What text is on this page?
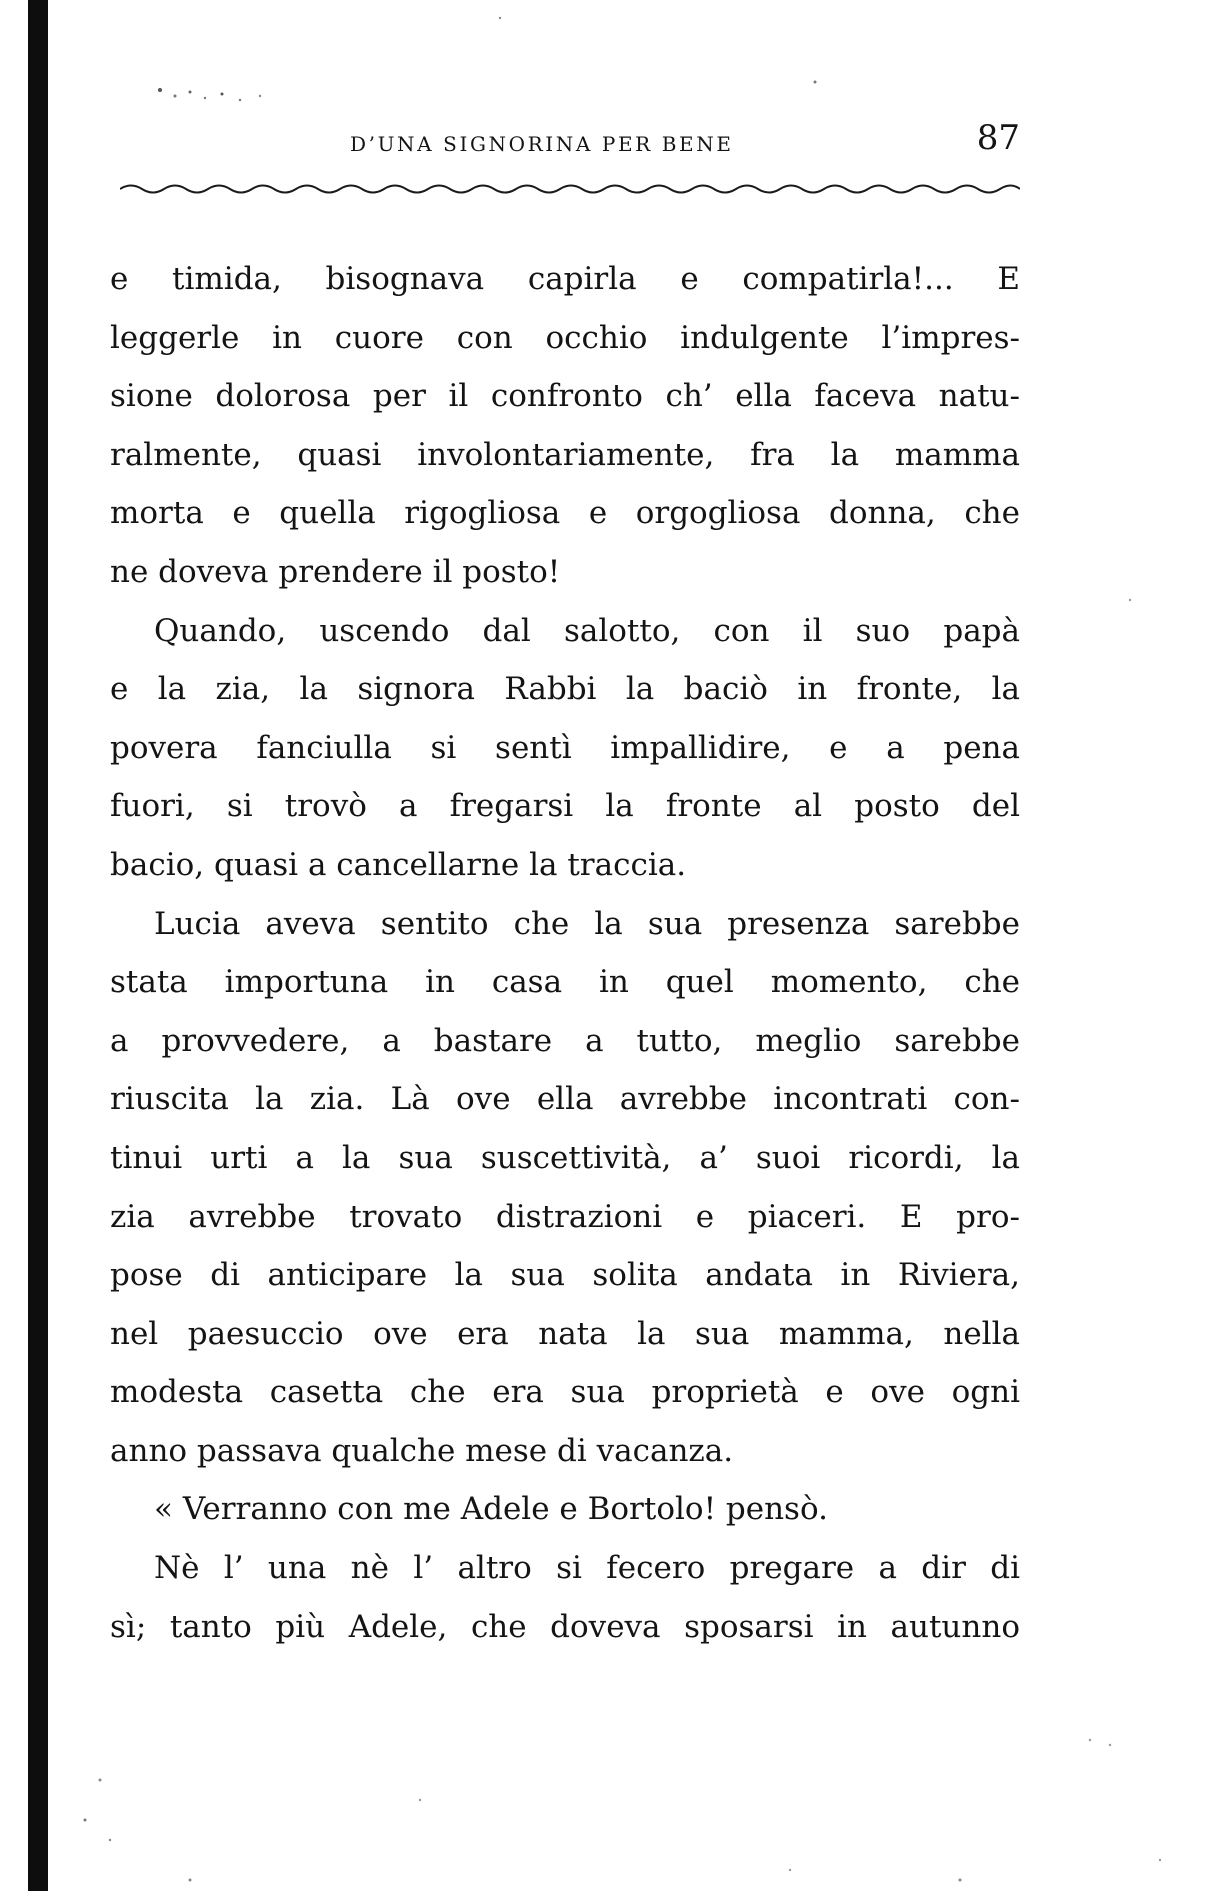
D’UNA SIGNORINA PER BENE	87
e timida, bisognava capirla e compatirla!... E
leggerle in cuore con occhio indulgente l’impres-
sione dolorosa per il confronto ch’ ella faceva natu-
ralmente, quasi involontariamente, fra la mamma
morta e quella rigogliosa e orgogliosa donna, che
ne doveva prendere il posto!
Quando, uscendo dal salotto, con il suo papà
e la zia, la signora Rabbi la baciò in fronte, la
povera fanciulla si sentì impallidire, e a pena
fuori, si trovò a fregarsi la fronte al posto del
bacio, quasi a cancellarne la traccia.
Lucia aveva sentito che la sua presenza sarebbe
stata importuna in casa in quel momento, che
a provvedere, a bastare a tutto, meglio sarebbe
riuscita la zia. Là ove ella avrebbe incontrati con-
tinui urti a la sua suscettività, a’ suoi ricordi, la
zia avrebbe trovato distrazioni e piaceri. E pro-
pose di anticipare la sua solita andata in Riviera,
nel paesuccio ove era nata la sua mamma, nella
modesta casetta che era sua proprietà e ove ogni
anno passava qualche mese di vacanza.
« Verranno con me Adele e Bortolo! pensò.
Nè l’ una nè l’ altro si fecero pregare a dir di
sì; tanto più Adele, che doveva sposarsi in autunno
